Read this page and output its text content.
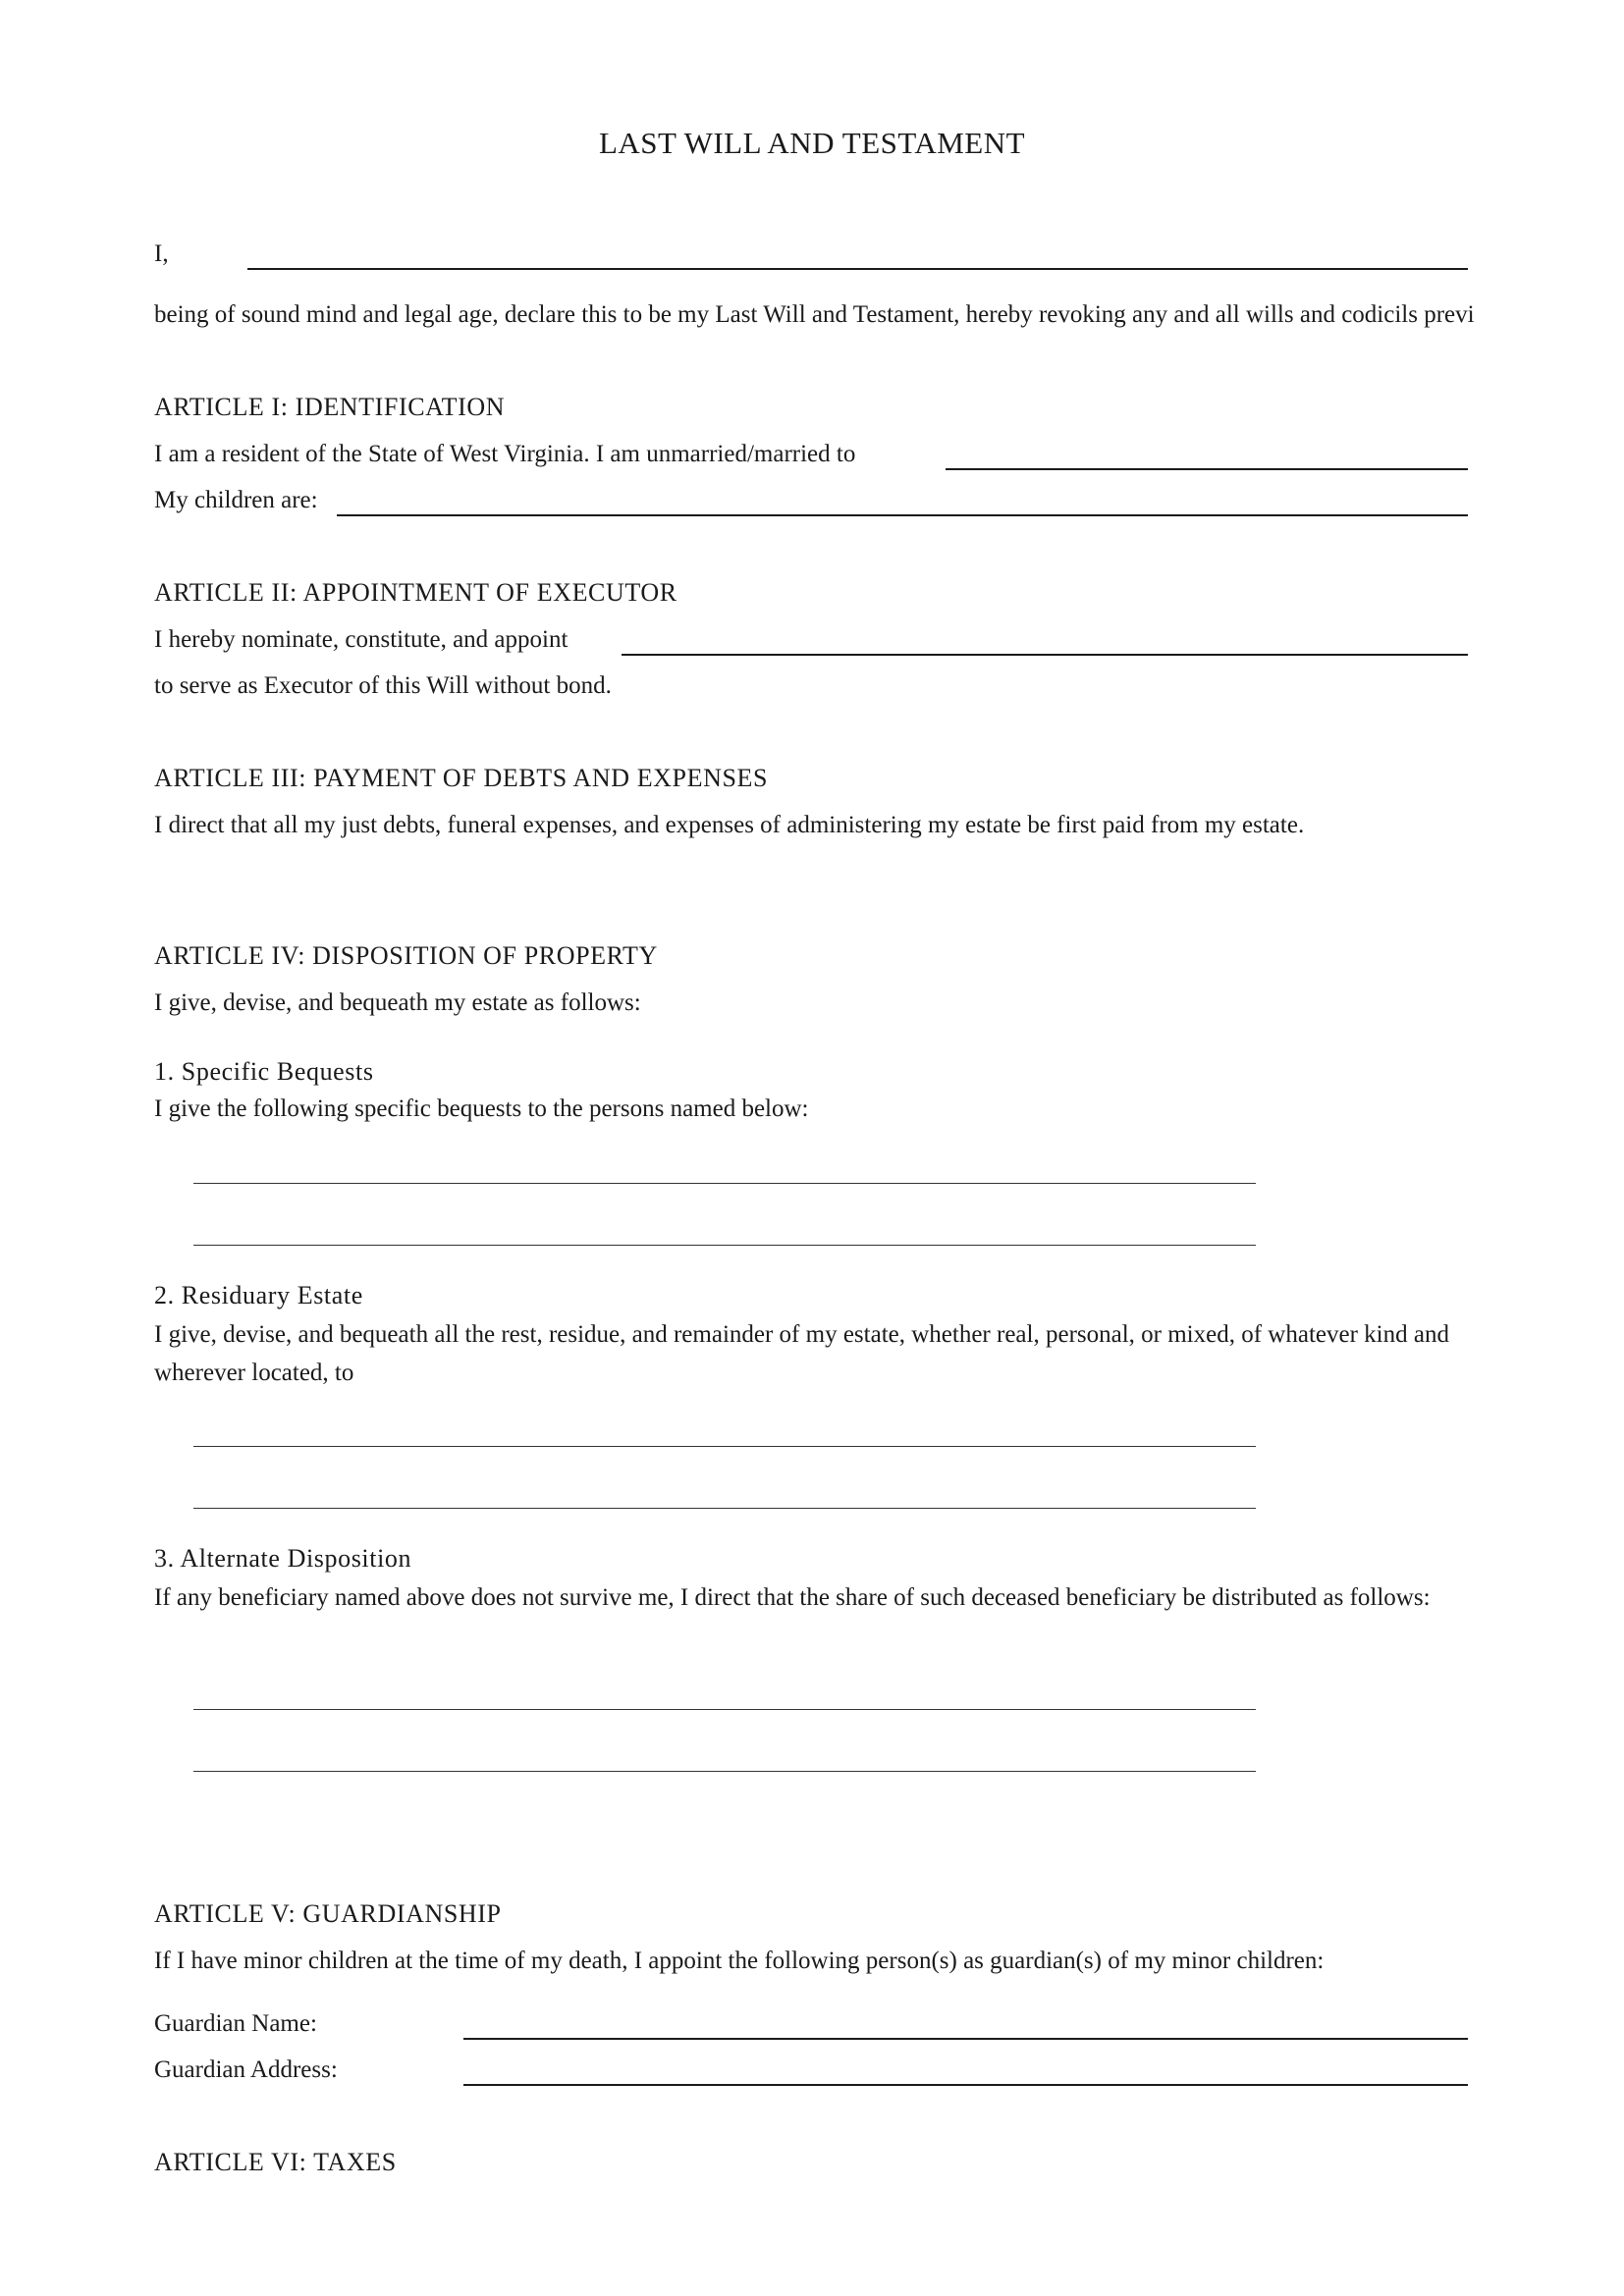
LAST WILL AND TESTAMENT
I,
being of sound mind and legal age, declare this to be my Last Will and Testament, hereby revoking any and all wills and codicils previ
ARTICLE I: IDENTIFICATION
I am a resident of the State of West Virginia. I am unmarried/married to
My children are:
ARTICLE II: APPOINTMENT OF EXECUTOR
I hereby nominate, constitute, and appoint
to serve as Executor of this Will without bond.
ARTICLE III: PAYMENT OF DEBTS AND EXPENSES
I direct that all my just debts, funeral expenses, and expenses of administering my estate be first paid from my estate.
ARTICLE IV: DISPOSITION OF PROPERTY
I give, devise, and bequeath my estate as follows:
1. Specific Bequests
I give the following specific bequests to the persons named below:
2. Residuary Estate
I give, devise, and bequeath all the rest, residue, and remainder of my estate, whether real, personal, or mixed, of whatever kind and wherever located, to
3. Alternate Disposition
If any beneficiary named above does not survive me, I direct that the share of such deceased beneficiary be distributed as follows:
ARTICLE V: GUARDIANSHIP
If I have minor children at the time of my death, I appoint the following person(s) as guardian(s) of my minor children:
Guardian Name:
Guardian Address:
ARTICLE VI: TAXES
